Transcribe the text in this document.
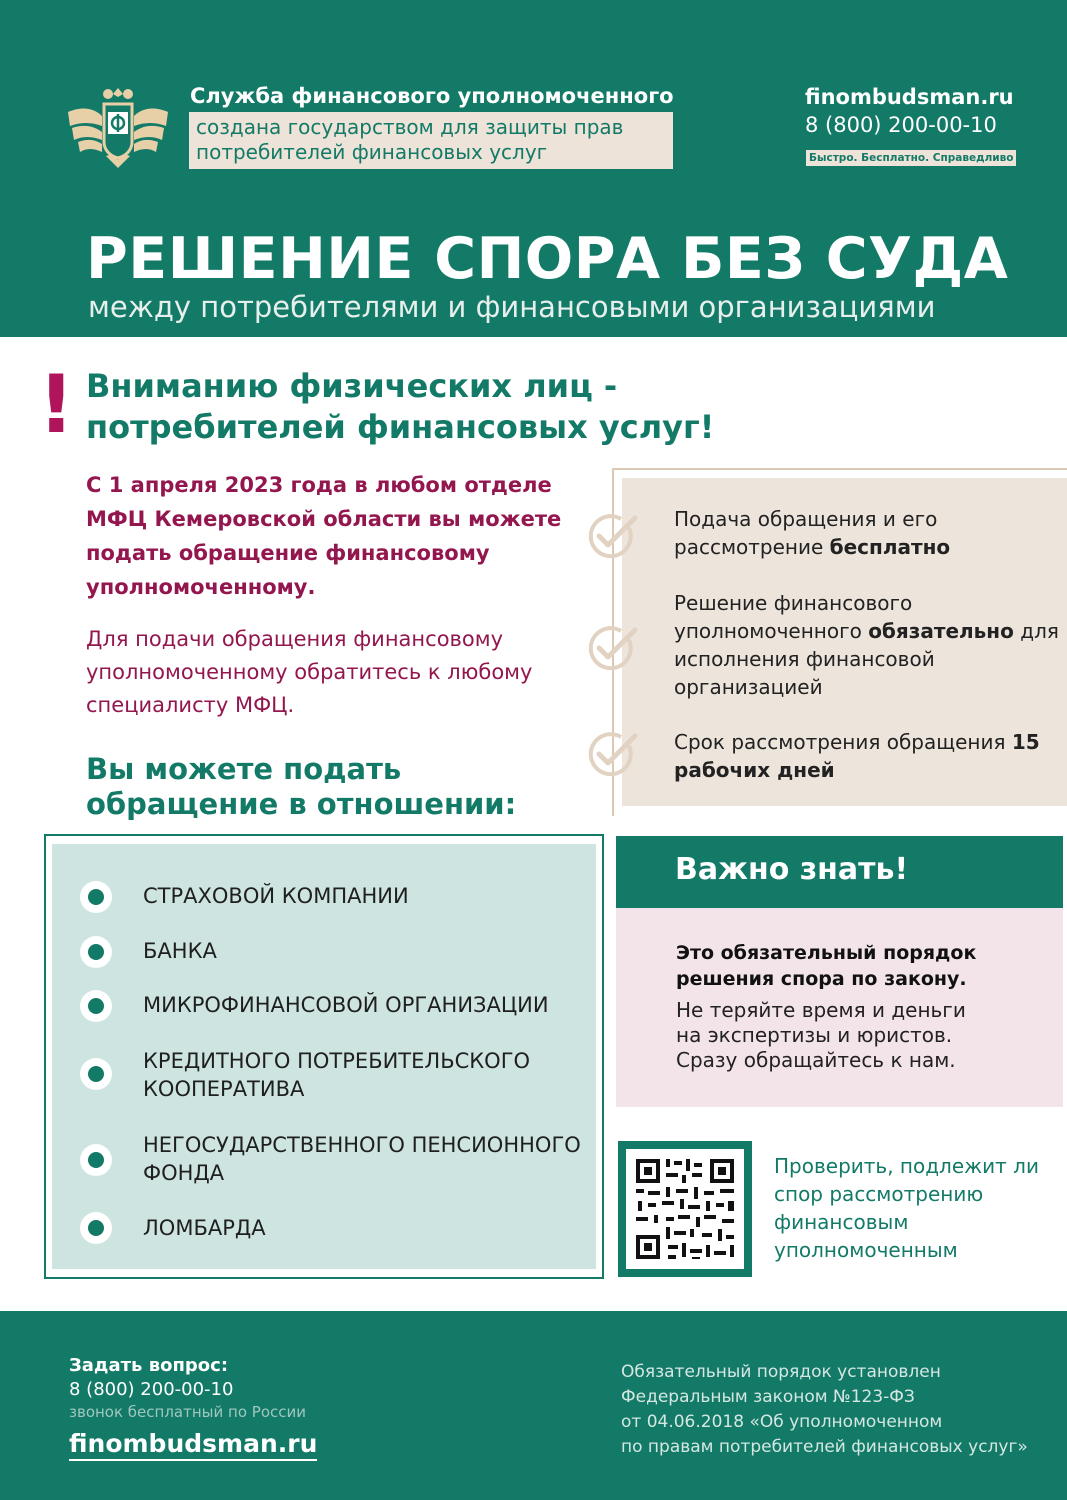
Служба финансового уполномоченного
создана государством для защиты прав
потребителей финансовых услуг
finombudsman.ru
8 (800) 200-00-10
Быстро. Бесплатно. Справедливо
РЕШЕНИЕ СПОРА БЕЗ СУДА
между потребителями и финансовыми организациями
! Вниманию физических лиц -
потребителей финансовых услуг!
С 1 апреля 2023 года в любом отделе МФЦ Кемеровской области вы можете подать обращение финансовому уполномоченному.
Для подачи обращения финансовому уполномоченному обратитесь к любому специалисту МФЦ.
Вы можете подать
обращение в отношении:
Подача обращения и его рассмотрение бесплатно
Решение финансового уполномоченного обязательно для исполнения финансовой организацией
Срок рассмотрения обращения 15 рабочих дней
СТРАХОВОЙ КОМПАНИИ
БАНКА
МИКРОФИНАНСОВОЙ ОРГАНИЗАЦИИ
КРЕДИТНОГО ПОТРЕБИТЕЛЬСКОГО КООПЕРАТИВА
НЕГОСУДАРСТВЕННОГО ПЕНСИОННОГО ФОНДА
ЛОМБАРДА
Важно знать!
Это обязательный порядок решения спора по закону.
Не теряйте время и деньги на экспертизы и юристов. Сразу обращайтесь к нам.
Проверить, подлежит ли спор рассмотрению финансовым уполномоченным
Задать вопрос:
8 (800) 200-00-10
звонок бесплатный по России
finombudsman.ru
Обязательный порядок установлен
Федеральным законом №123-ФЗ
от 04.06.2018 «Об уполномоченном
по правам потребителей финансовых услуг»
